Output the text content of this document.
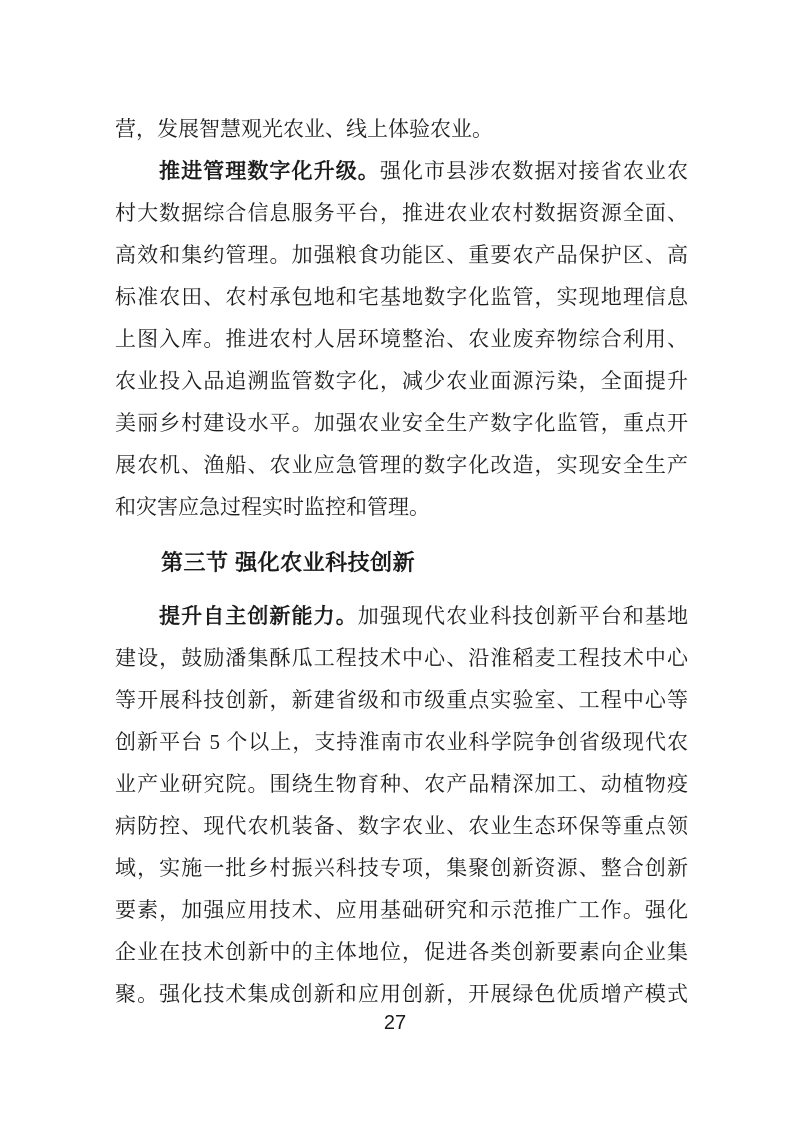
营，发展智慧观光农业、线上体验农业。
推进管理数字化升级。强化市县涉农数据对接省农业农
村大数据综合信息服务平台，推进农业农村数据资源全面、
高效和集约管理。加强粮食功能区、重要农产品保护区、高
标准农田、农村承包地和宅基地数字化监管，实现地理信息
上图入库。推进农村人居环境整治、农业废弃物综合利用、
农业投入品追溯监管数字化，减少农业面源污染，全面提升
美丽乡村建设水平。加强农业安全生产数字化监管，重点开
展农机、渔船、农业应急管理的数字化改造，实现安全生产
和灾害应急过程实时监控和管理。
第三节 强化农业科技创新
提升自主创新能力。加强现代农业科技创新平台和基地
建设，鼓励潘集酥瓜工程技术中心、沿淮稻麦工程技术中心
等开展科技创新，新建省级和市级重点实验室、工程中心等
创新平台 5 个以上，支持淮南市农业科学院争创省级现代农
业产业研究院。围绕生物育种、农产品精深加工、动植物疫
病防控、现代农机装备、数字农业、农业生态环保等重点领
域，实施一批乡村振兴科技专项，集聚创新资源、整合创新
要素，加强应用技术、应用基础研究和示范推广工作。强化
企业在技术创新中的主体地位，促进各类创新要素向企业集
聚。强化技术集成创新和应用创新，开展绿色优质增产模式
27
